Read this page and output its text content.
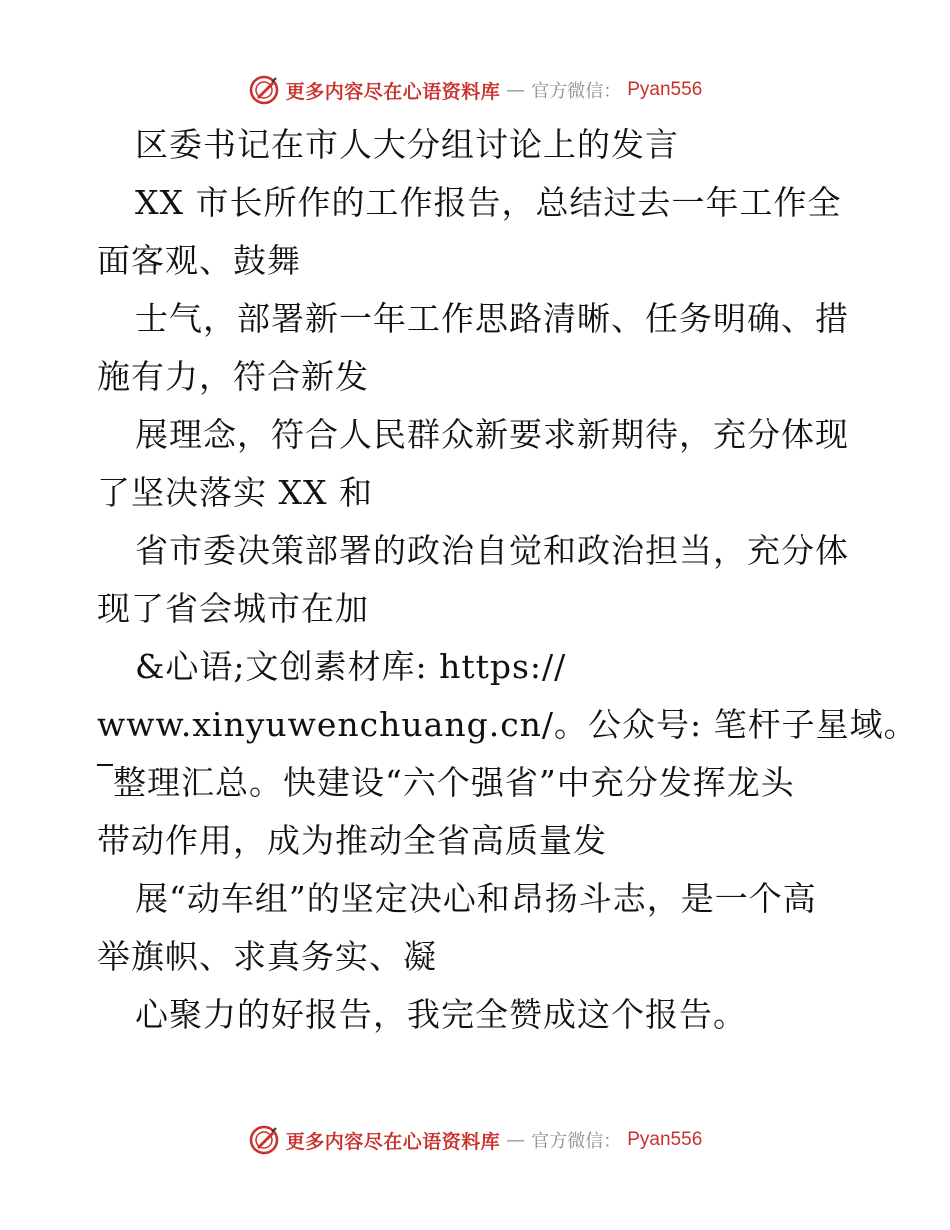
更多内容尽在心语资料库 — 官方微信： Pyan556
区委书记在市人大分组讨论上的发言
XX 市长所作的工作报告，总结过去一年工作全
面客观、鼓舞
士气，部署新一年工作思路清晰、任务明确、措
施有力，符合新发
展理念，符合人民群众新要求新期待，充分体现
了坚决落实 XX 和
省市委决策部署的政治自觉和政治担当，充分体
现了省会城市在加
&心语;文创素材库: https://
www.xinyuwenchuang.cn/。公众号: 笔杆子星域。
整理汇总。快建设“六个强省”中充分发挥龙头
带动作用，成为推动全省高质量发
展“动车组”的坚定决心和昂扬斗志，是一个高
举旗帜、求真务实、凝
心聚力的好报告，我完全赞成这个报告。
更多内容尽在心语资料库 — 官方微信： Pyan556
